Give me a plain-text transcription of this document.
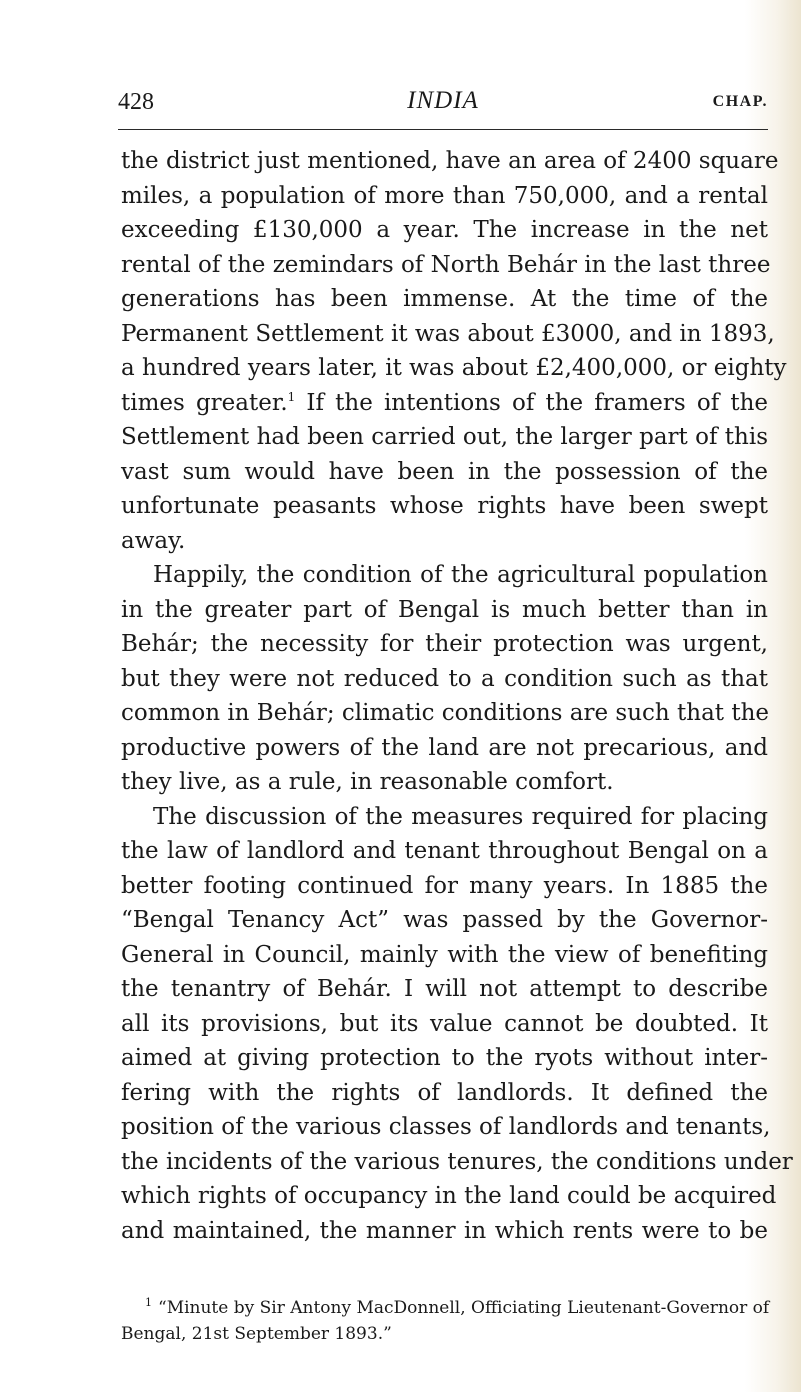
428	INDIA	CHAP.
the district just mentioned, have an area of 2400 square
miles, a population of more than 750,000, and a rental
exceeding £130,000 a year. The increase in the net
rental of the zemindars of North Behár in the last three
generations has been immense. At the time of the
Permanent Settlement it was about £3000, and in 1893,
a hundred years later, it was about £2,400,000, or eighty
times greater.$^1$ If the intentions of the framers of the
Settlement had been carried out, the larger part of this
vast sum would have been in the possession of the
unfortunate peasants whose rights have been swept
away.
Happily, the condition of the agricultural population
in the greater part of Bengal is much better than in
Behár; the necessity for their protection was urgent,
but they were not reduced to a condition such as that
common in Behár; climatic conditions are such that the
productive powers of the land are not precarious, and
they live, as a rule, in reasonable comfort.
The discussion of the measures required for placing
the law of landlord and tenant throughout Bengal on a
better footing continued for many years. In 1885 the
“Bengal Tenancy Act” was passed by the Governor-
General in Council, mainly with the view of benefiting
the tenantry of Behár. I will not attempt to describe
all its provisions, but its value cannot be doubted. It
aimed at giving protection to the ryots without inter-
fering with the rights of landlords. It defined the
position of the various classes of landlords and tenants,
the incidents of the various tenures, the conditions under
which rights of occupancy in the land could be acquired
and maintained, the manner in which rents were to be
$^1$ “Minute by Sir Antony MacDonnell, Officiating Lieutenant-Governor of
Bengal, 21st September 1893.”
